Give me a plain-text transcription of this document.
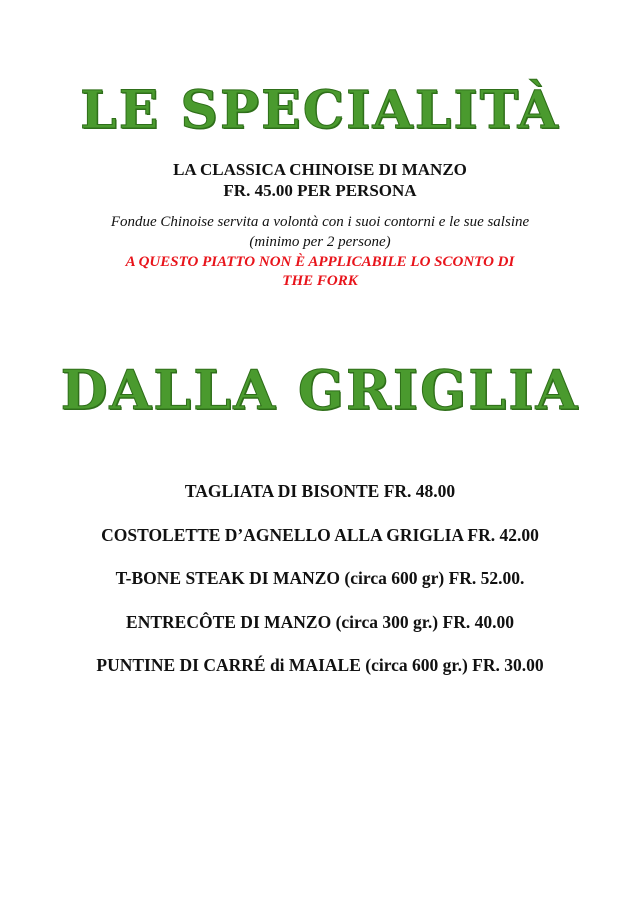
LE SPECIALITÀ
LA CLASSICA CHINOISE DI MANZO
FR. 45.00 PER PERSONA
Fondue Chinoise servita a volontà con i suoi contorni e le sue salsine
(minimo per 2 persone)
A QUESTO PIATTO NON È APPLICABILE LO SCONTO DI
THE FORK
DALLA GRIGLIA
TAGLIATA DI BISONTE FR. 48.00
COSTOLETTE D’AGNELLO ALLA GRIGLIA FR. 42.00
T-BONE STEAK DI MANZO (circa 600 gr) FR. 52.00.
ENTRECÔTE DI MANZO (circa 300 gr.) FR. 40.00
PUNTINE DI CARRÉ di MAIALE (circa 600 gr.) FR. 30.00
